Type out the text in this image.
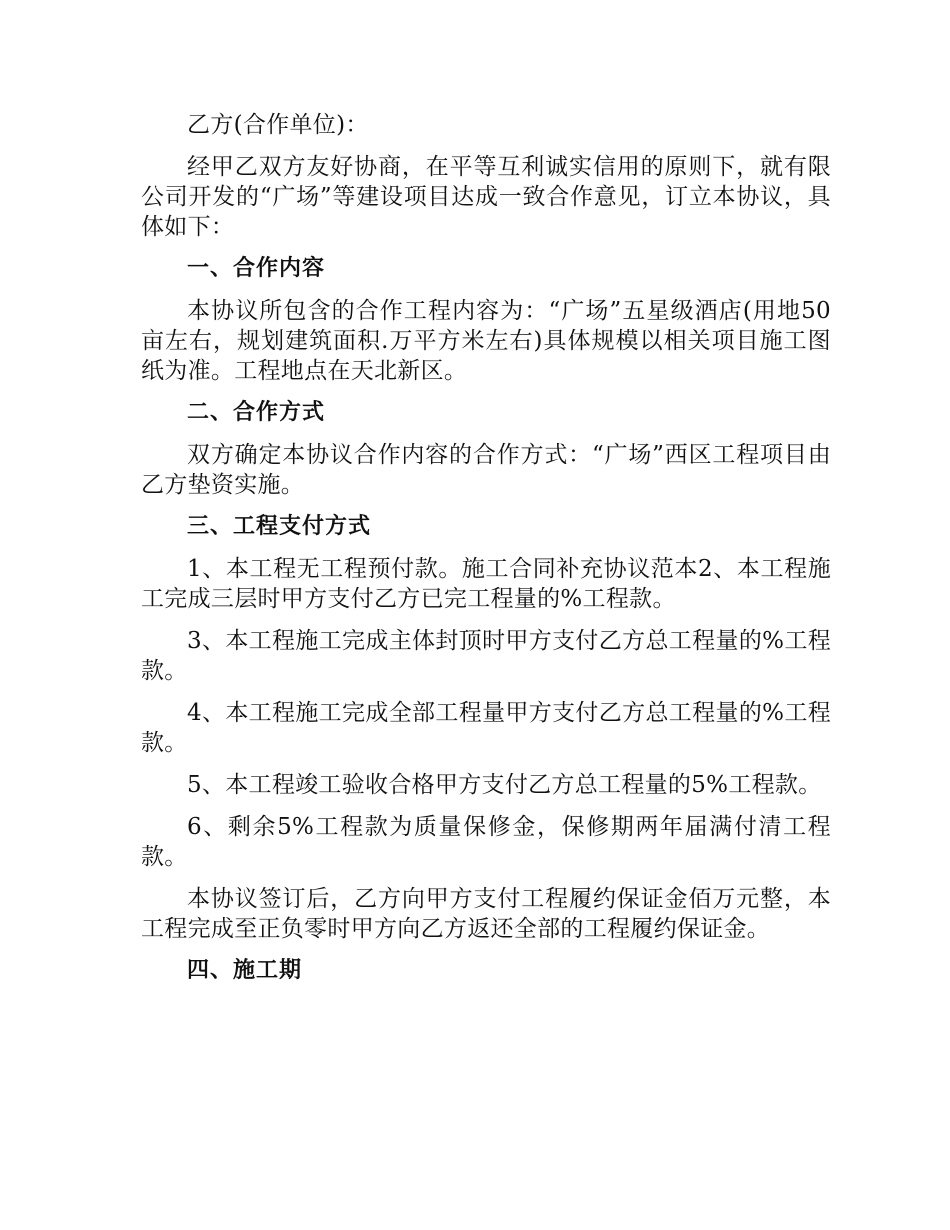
乙方(合作单位)：

经甲乙双方友好协商，在平等互利诚实信用的原则下，就有限公司开发的“广场”等建设项目达成一致合作意见，订立本协议，具体如下：

一、合作内容

本协议所包含的合作工程内容为：“广场”五星级酒店(用地50亩左右，规划建筑面积.万平方米左右)具体规模以相关项目施工图纸为准。工程地点在天北新区。

二、合作方式

双方确定本协议合作内容的合作方式：“广场”西区工程项目由乙方垫资实施。

三、工程支付方式

1、本工程无工程预付款。施工合同补充协议范本2、本工程施工完成三层时甲方支付乙方已完工程量的%工程款。

3、本工程施工完成主体封顶时甲方支付乙方总工程量的%工程款。

4、本工程施工完成全部工程量甲方支付乙方总工程量的%工程款。

5、本工程竣工验收合格甲方支付乙方总工程量的5%工程款。

6、剩余5%工程款为质量保修金，保修期两年届满付清工程款。

本协议签订后，乙方向甲方支付工程履约保证金佰万元整，本工程完成至正负零时甲方向乙方返还全部的工程履约保证金。

四、施工期
